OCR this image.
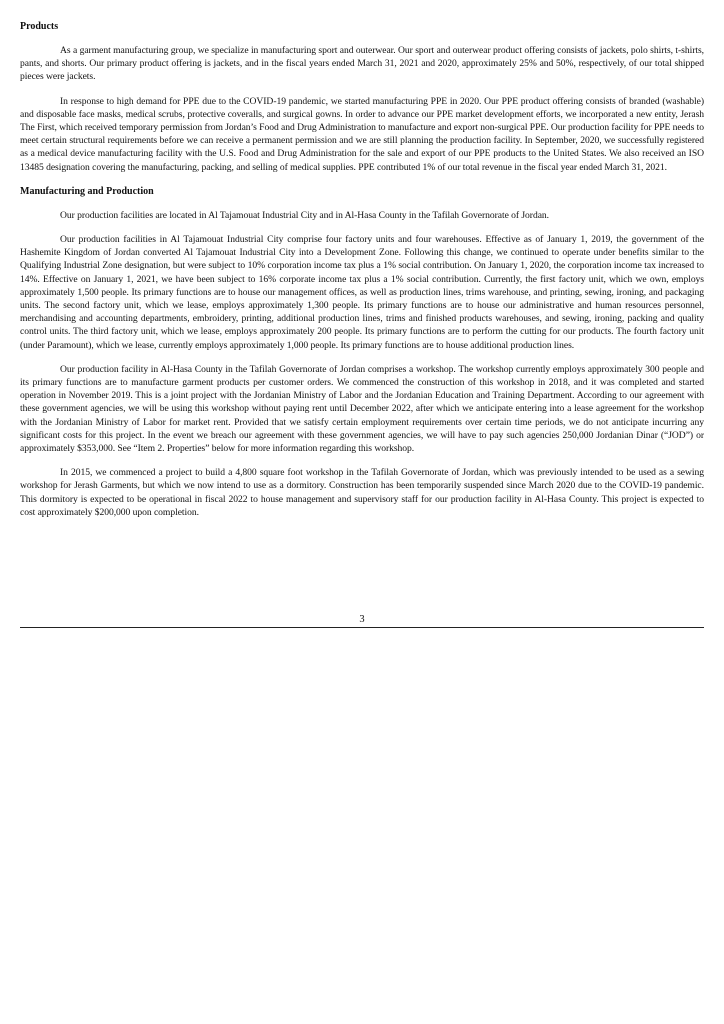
Products

As a garment manufacturing group, we specialize in manufacturing sport and outerwear. Our sport and outerwear product offering consists of jackets, polo shirts, t-shirts, pants, and shorts. Our primary product offering is jackets, and in the fiscal years ended March 31, 2021 and 2020, approximately 25% and 50%, respectively, of our total shipped pieces were jackets.

In response to high demand for PPE due to the COVID-19 pandemic, we started manufacturing PPE in 2020. Our PPE product offering consists of branded (washable) and disposable face masks, medical scrubs, protective coveralls, and surgical gowns. In order to advance our PPE market development efforts, we incorporated a new entity, Jerash The First, which received temporary permission from Jordan’s Food and Drug Administration to manufacture and export non-surgical PPE. Our production facility for PPE needs to meet certain structural requirements before we can receive a permanent permission and we are still planning the production facility. In September, 2020, we successfully registered as a medical device manufacturing facility with the U.S. Food and Drug Administration for the sale and export of our PPE products to the United States. We also received an ISO 13485 designation covering the manufacturing, packing, and selling of medical supplies. PPE contributed 1% of our total revenue in the fiscal year ended March 31, 2021.

Manufacturing and Production

Our production facilities are located in Al Tajamouat Industrial City and in Al-Hasa County in the Tafilah Governorate of Jordan.

Our production facilities in Al Tajamouat Industrial City comprise four factory units and four warehouses. Effective as of January 1, 2019, the government of the Hashemite Kingdom of Jordan converted Al Tajamouat Industrial City into a Development Zone. Following this change, we continued to operate under benefits similar to the Qualifying Industrial Zone designation, but were subject to 10% corporation income tax plus a 1% social contribution. On January 1, 2020, the corporation income tax increased to 14%. Effective on January 1, 2021, we have been subject to 16% corporate income tax plus a 1% social contribution. Currently, the first factory unit, which we own, employs approximately 1,500 people. Its primary functions are to house our management offices, as well as production lines, trims warehouse, and printing, sewing, ironing, and packaging units. The second factory unit, which we lease, employs approximately 1,300 people. Its primary functions are to house our administrative and human resources personnel, merchandising and accounting departments, embroidery, printing, additional production lines, trims and finished products warehouses, and sewing, ironing, packing and quality control units. The third factory unit, which we lease, employs approximately 200 people. Its primary functions are to perform the cutting for our products. The fourth factory unit (under Paramount), which we lease, currently employs approximately 1,000 people. Its primary functions are to house additional production lines.

Our production facility in Al-Hasa County in the Tafilah Governorate of Jordan comprises a workshop. The workshop currently employs approximately 300 people and its primary functions are to manufacture garment products per customer orders. We commenced the construction of this workshop in 2018, and it was completed and started operation in November 2019. This is a joint project with the Jordanian Ministry of Labor and the Jordanian Education and Training Department. According to our agreement with these government agencies, we will be using this workshop without paying rent until December 2022, after which we anticipate entering into a lease agreement for the workshop with the Jordanian Ministry of Labor for market rent. Provided that we satisfy certain employment requirements over certain time periods, we do not anticipate incurring any significant costs for this project. In the event we breach our agreement with these government agencies, we will have to pay such agencies 250,000 Jordanian Dinar (“JOD”) or approximately $353,000. See “Item 2. Properties” below for more information regarding this workshop.

In 2015, we commenced a project to build a 4,800 square foot workshop in the Tafilah Governorate of Jordan, which was previously intended to be used as a sewing workshop for Jerash Garments, but which we now intend to use as a dormitory. Construction has been temporarily suspended since March 2020 due to the COVID-19 pandemic. This dormitory is expected to be operational in fiscal 2022 to house management and supervisory staff for our production facility in Al-Hasa County. This project is expected to cost approximately $200,000 upon completion.

3
